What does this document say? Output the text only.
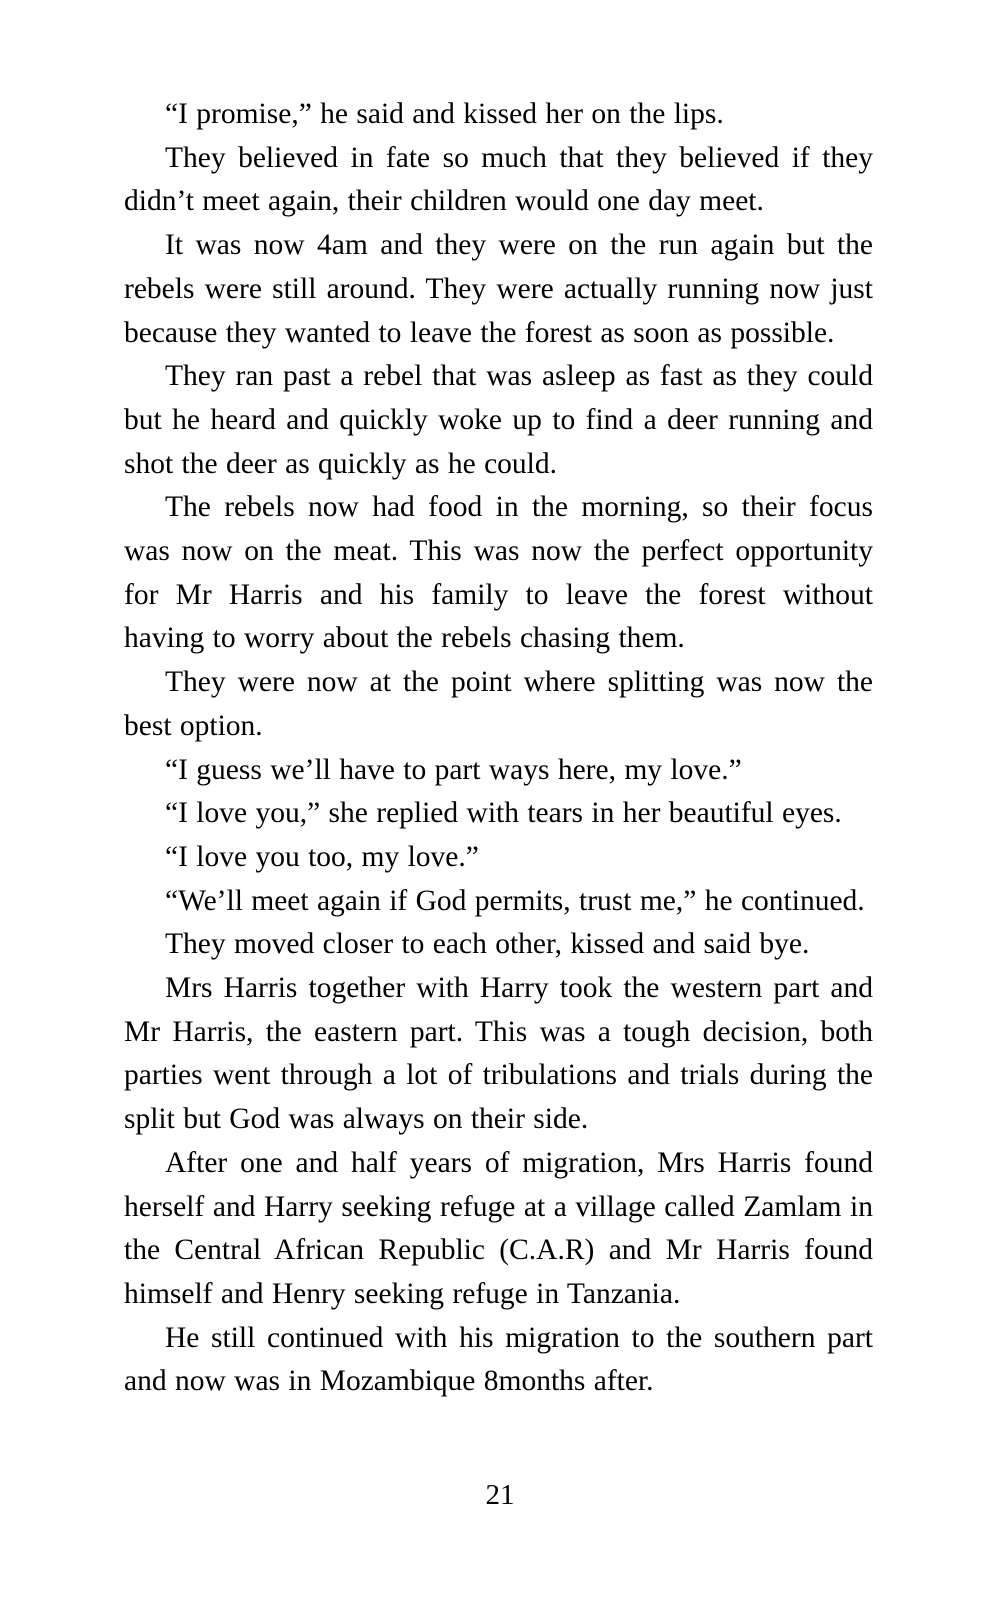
“I promise,” he said and kissed her on the lips.

They believed in fate so much that they believed if they didn’t meet again, their children would one day meet.

It was now 4am and they were on the run again but the rebels were still around. They were actually running now just because they wanted to leave the forest as soon as possible.

They ran past a rebel that was asleep as fast as they could but he heard and quickly woke up to find a deer running and shot the deer as quickly as he could.

The rebels now had food in the morning, so their focus was now on the meat. This was now the perfect opportunity for Mr Harris and his family to leave the forest without having to worry about the rebels chasing them.

They were now at the point where splitting was now the best option.

“I guess we’ll have to part ways here, my love.”

“I love you,” she replied with tears in her beautiful eyes.

“I love you too, my love.”

“We’ll meet again if God permits, trust me,” he continued.

They moved closer to each other, kissed and said bye.

Mrs Harris together with Harry took the western part and Mr Harris, the eastern part. This was a tough decision, both parties went through a lot of tribulations and trials during the split but God was always on their side.

After one and half years of migration, Mrs Harris found herself and Harry seeking refuge at a village called Zamlam in the Central African Republic (C.A.R) and Mr Harris found himself and Henry seeking refuge in Tanzania.

He still continued with his migration to the southern part and now was in Mozambique 8months after.

21
